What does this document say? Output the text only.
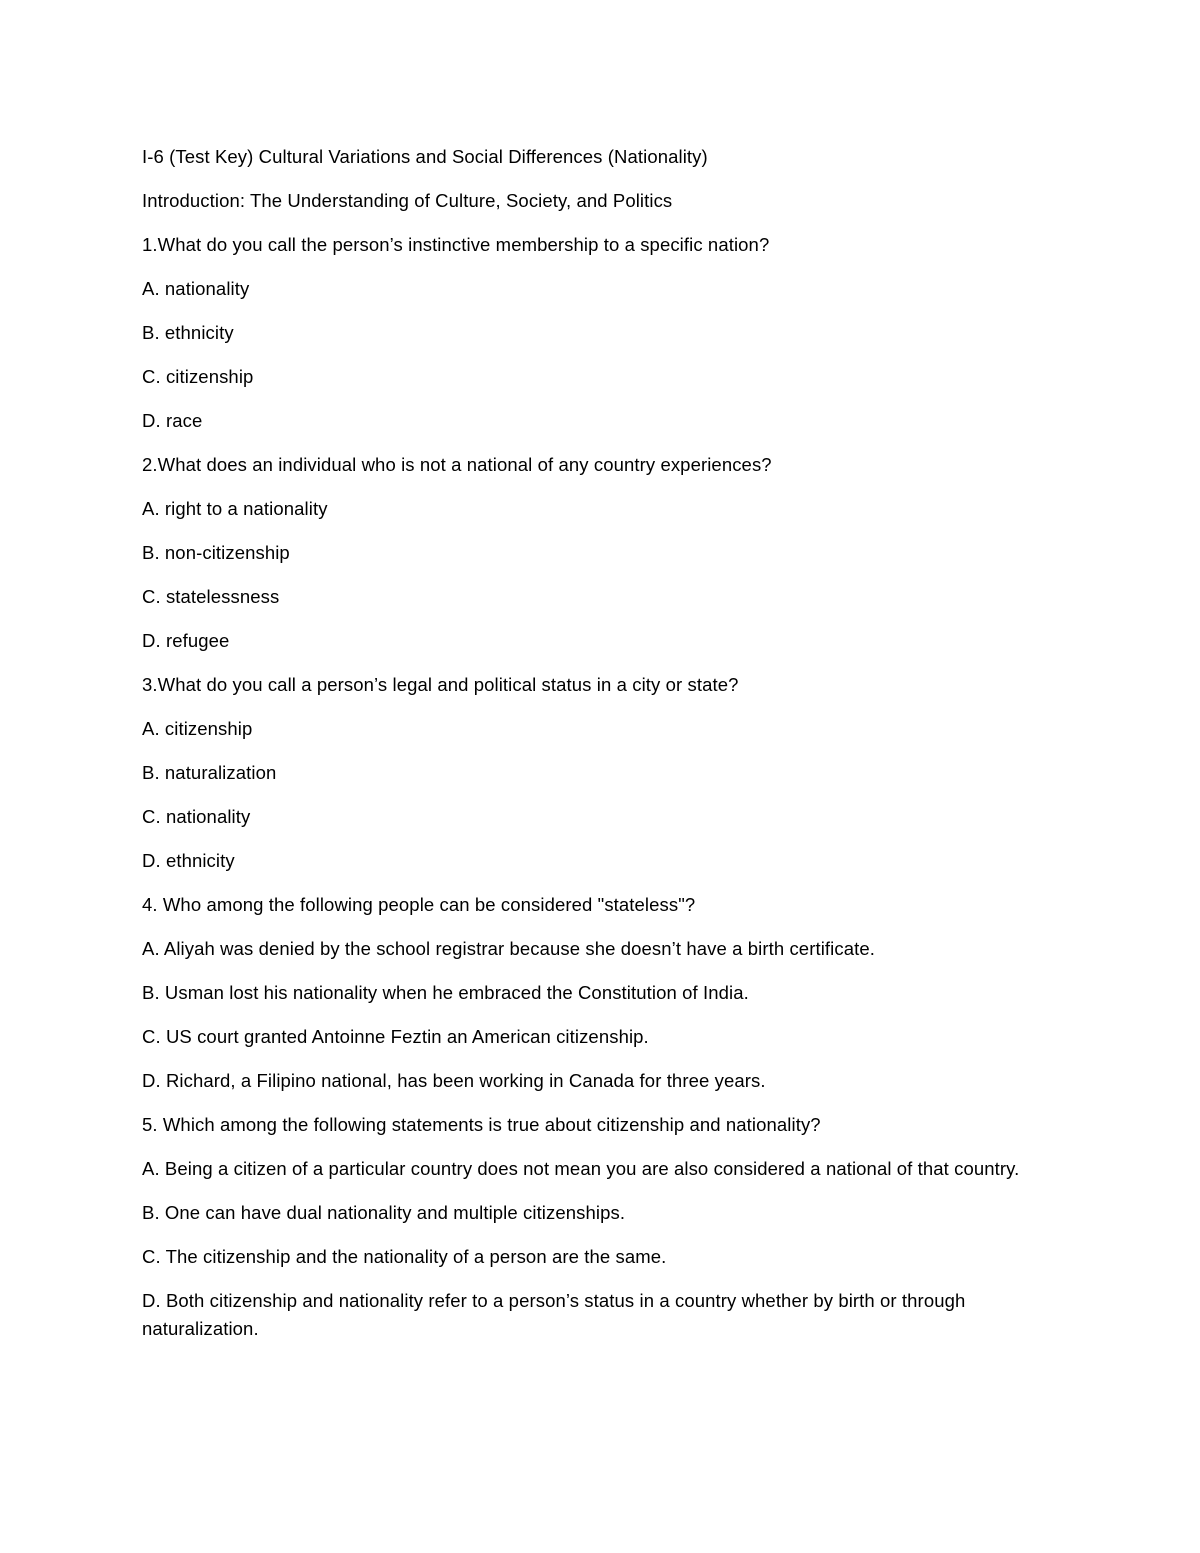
I-6 (Test Key) Cultural Variations and Social Differences (Nationality)

Introduction: The Understanding of Culture, Society, and Politics

1.What do you call the person’s instinctive membership to a specific nation?

A. nationality

B. ethnicity

C. citizenship

D. race

2.What does an individual who is not a national of any country experiences?

A. right to a nationality

B. non-citizenship

C. statelessness

D. refugee

3.What do you call a person’s legal and political status in a city or state?

A. citizenship

B. naturalization

C. nationality

D. ethnicity

4. Who among the following people can be considered "stateless"?

A. Aliyah was denied by the school registrar because she doesn’t have a birth certificate.

B. Usman lost his nationality when he embraced the Constitution of India.

C. US court granted Antoinne Feztin an American citizenship.

D. Richard, a Filipino national, has been working in Canada for three years.

5. Which among the following statements is true about citizenship and nationality?

A. Being a citizen of a particular country does not mean you are also considered a national of that country.

B. One can have dual nationality and multiple citizenships.

C. The citizenship and the nationality of a person are the same.

D. Both citizenship and nationality refer to a person’s status in a country whether by birth or through naturalization.
